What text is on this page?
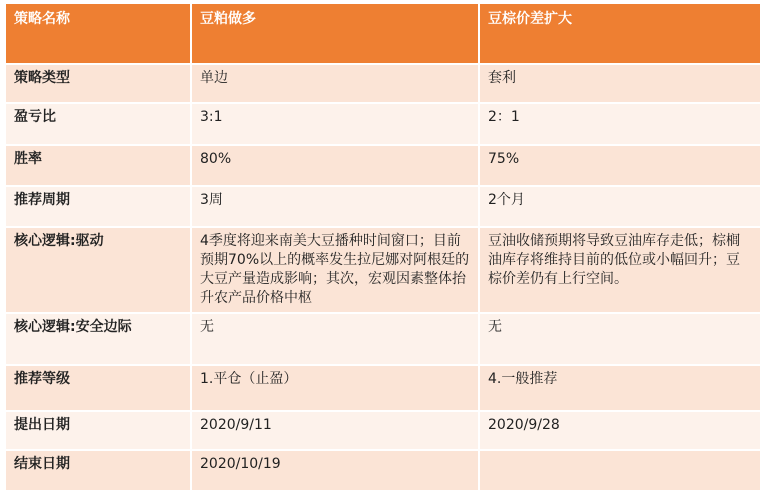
策略名称	豆粕做多	豆棕价差扩大
策略类型	单边	套利
盈亏比	3:1	2：1
胜率	80%	75%
推荐周期	3周	2个月
核心逻辑:驱动	4季度将迎来南美大豆播种时间窗口；目前预期70%以上的概率发生拉尼娜对阿根廷的大豆产量造成影响；其次，宏观因素整体抬升农产品价格中枢	豆油收储预期将导致豆油库存走低；棕榈油库存将维持目前的低位或小幅回升；豆棕价差仍有上行空间。
核心逻辑:安全边际	无	无
推荐等级	1.平仓（止盈）	4.一般推荐
提出日期	2020/9/11	2020/9/28
结束日期	2020/10/19	
